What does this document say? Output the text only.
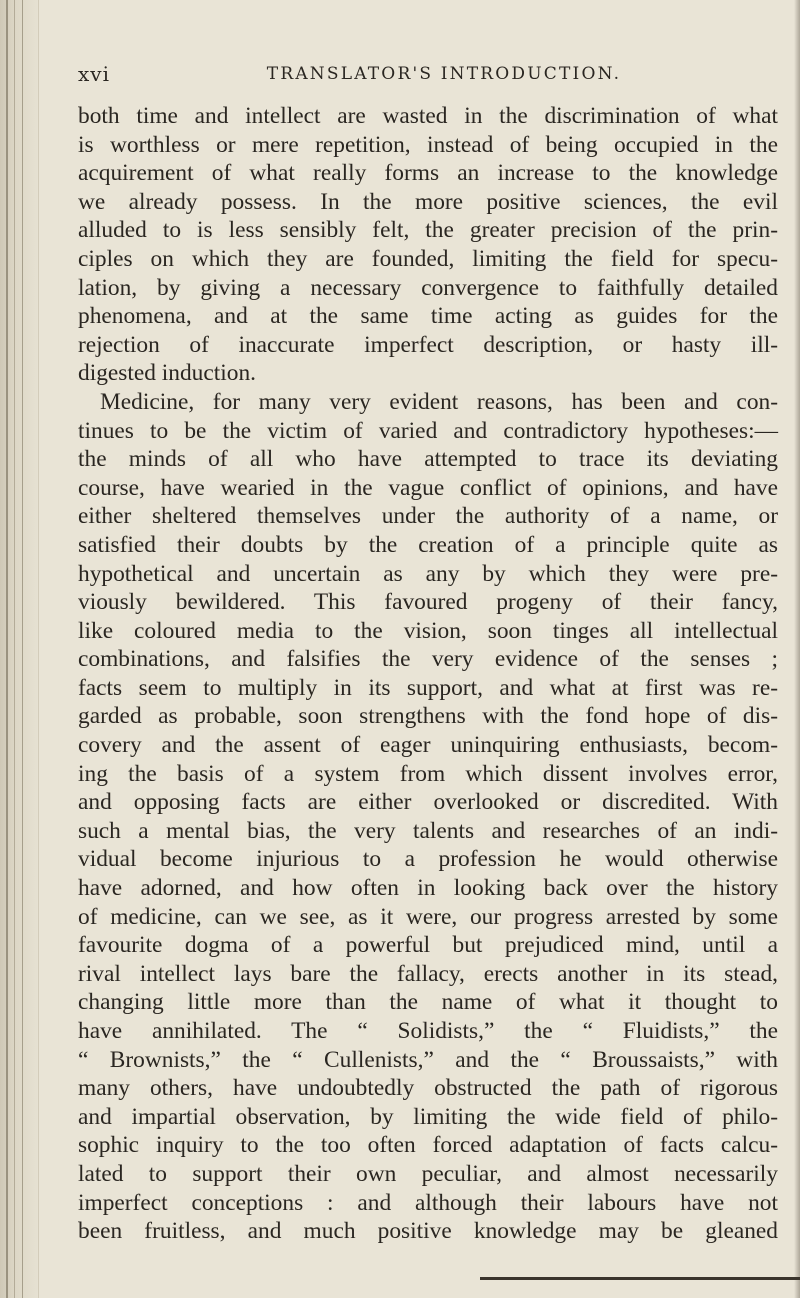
xvi	TRANSLATOR'S INTRODUCTION.
both time and intellect are wasted in the discrimination of what
is worthless or mere repetition, instead of being occupied in the
acquirement of what really forms an increase to the knowledge
we already possess. In the more positive sciences, the evil
alluded to is less sensibly felt, the greater precision of the prin-
ciples on which they are founded, limiting the field for specu-
lation, by giving a necessary convergence to faithfully detailed
phenomena, and at the same time acting as guides for the
rejection of inaccurate imperfect description, or hasty ill-
digested induction.
Medicine, for many very evident reasons, has been and con-
tinues to be the victim of varied and contradictory hypotheses:—
the minds of all who have attempted to trace its deviating
course, have wearied in the vague conflict of opinions, and have
either sheltered themselves under the authority of a name, or
satisfied their doubts by the creation of a principle quite as
hypothetical and uncertain as any by which they were pre-
viously bewildered. This favoured progeny of their fancy,
like coloured media to the vision, soon tinges all intellectual
combinations, and falsifies the very evidence of the senses ;
facts seem to multiply in its support, and what at first was re-
garded as probable, soon strengthens with the fond hope of dis-
covery and the assent of eager uninquiring enthusiasts, becom-
ing the basis of a system from which dissent involves error,
and opposing facts are either overlooked or discredited. With
such a mental bias, the very talents and researches of an indi-
vidual become injurious to a profession he would otherwise
have adorned, and how often in looking back over the history
of medicine, can we see, as it were, our progress arrested by some
favourite dogma of a powerful but prejudiced mind, until a
rival intellect lays bare the fallacy, erects another in its stead,
changing little more than the name of what it thought to
have annihilated. The “ Solidists,” the “ Fluidists,” the
“ Brownists,” the “ Cullenists,” and the “ Broussaists,” with
many others, have undoubtedly obstructed the path of rigorous
and impartial observation, by limiting the wide field of philo-
sophic inquiry to the too often forced adaptation of facts calcu-
lated to support their own peculiar, and almost necessarily
imperfect conceptions : and although their labours have not
been fruitless, and much positive knowledge may be gleaned
